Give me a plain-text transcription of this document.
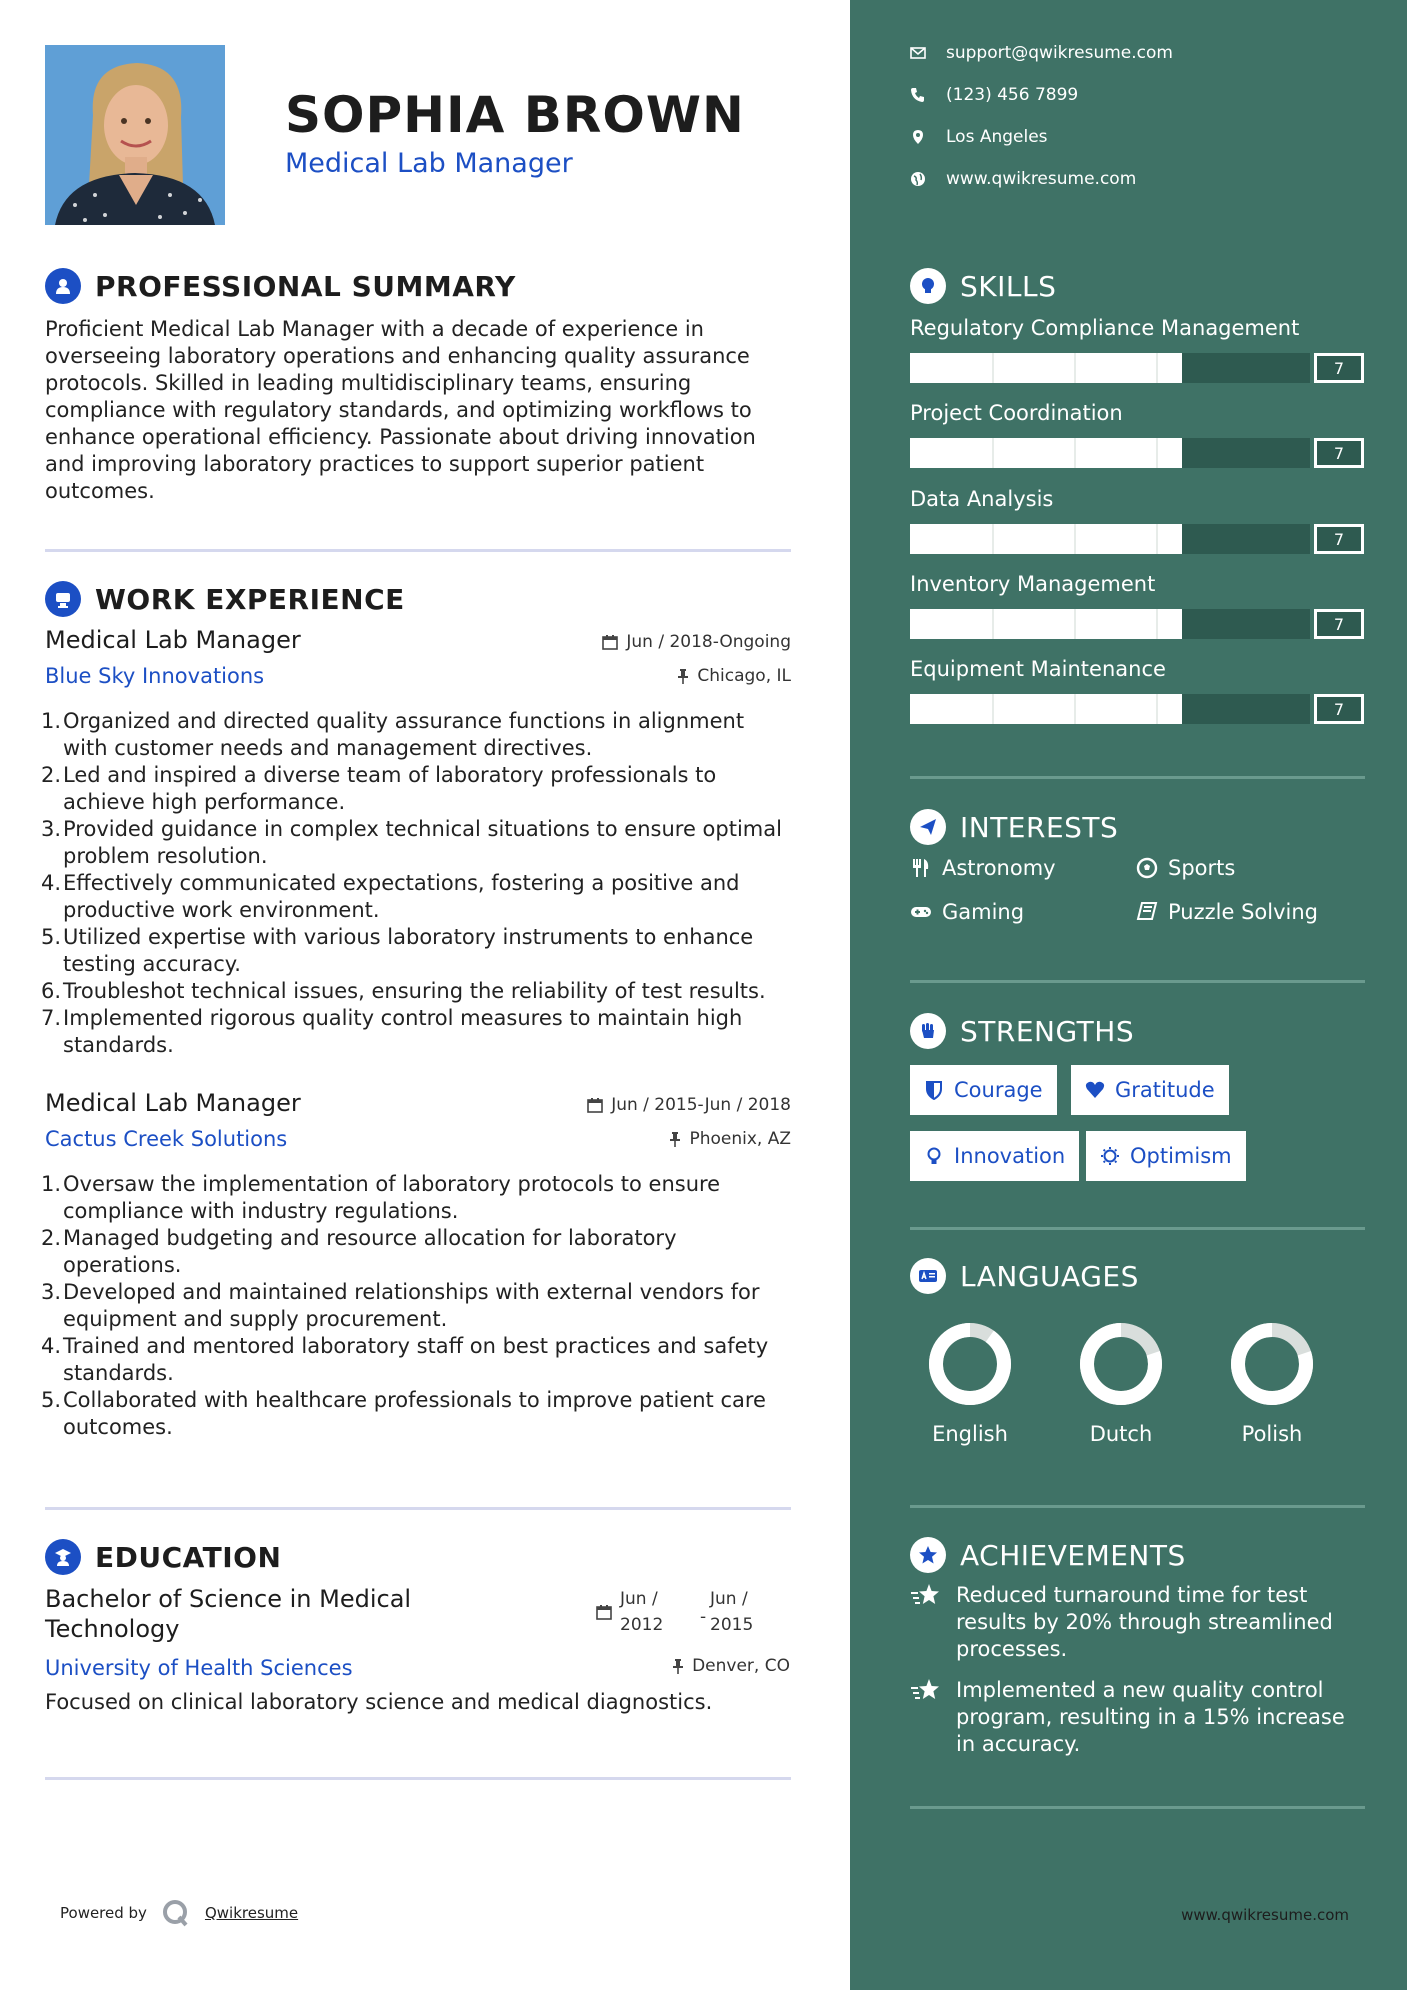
SOPHIA BROWN
Medical Lab Manager
PROFESSIONAL SUMMARY
Proficient Medical Lab Manager with a decade of experience in overseeing laboratory operations and enhancing quality assurance protocols. Skilled in leading multidisciplinary teams, ensuring compliance with regulatory standards, and optimizing workflows to enhance operational efficiency. Passionate about driving innovation and improving laboratory practices to support superior patient outcomes.
WORK EXPERIENCE
Medical Lab Manager
Blue Sky Innovations
Jun / 2018-Ongoing
Chicago, IL
1. Organized and directed quality assurance functions in alignment with customer needs and management directives.
2. Led and inspired a diverse team of laboratory professionals to achieve high performance.
3. Provided guidance in complex technical situations to ensure optimal problem resolution.
4. Effectively communicated expectations, fostering a positive and productive work environment.
5. Utilized expertise with various laboratory instruments to enhance testing accuracy.
6. Troubleshot technical issues, ensuring the reliability of test results.
7. Implemented rigorous quality control measures to maintain high standards.
Medical Lab Manager
Cactus Creek Solutions
Jun / 2015-Jun / 2018
Phoenix, AZ
1. Oversaw the implementation of laboratory protocols to ensure compliance with industry regulations.
2. Managed budgeting and resource allocation for laboratory operations.
3. Developed and maintained relationships with external vendors for equipment and supply procurement.
4. Trained and mentored laboratory staff on best practices and safety standards.
5. Collaborated with healthcare professionals to improve patient care outcomes.
EDUCATION
Bachelor of Science in Medical Technology
University of Health Sciences
Jun / 2012	-
Jun / 2015
Denver, CO
Focused on clinical laboratory science and medical diagnostics.
Powered by	Qwikresume
support@qwikresume.com
(123) 456 7899
Los Angeles
www.qwikresume.com
SKILLS
Regulatory Compliance Management
7
Project Coordination
7
Data Analysis
7
Inventory Management
7
Equipment Maintenance
7
INTERESTS
Astronomy	Sports
Gaming	Puzzle Solving
STRENGTHS
Courage	Gratitude
Innovation	Optimism
LANGUAGES
English	Dutch	Polish
ACHIEVEMENTS
Reduced turnaround time for test results by 20% through streamlined processes.
Implemented a new quality control program, resulting in a 15% increase in accuracy.
www.qwikresume.com
